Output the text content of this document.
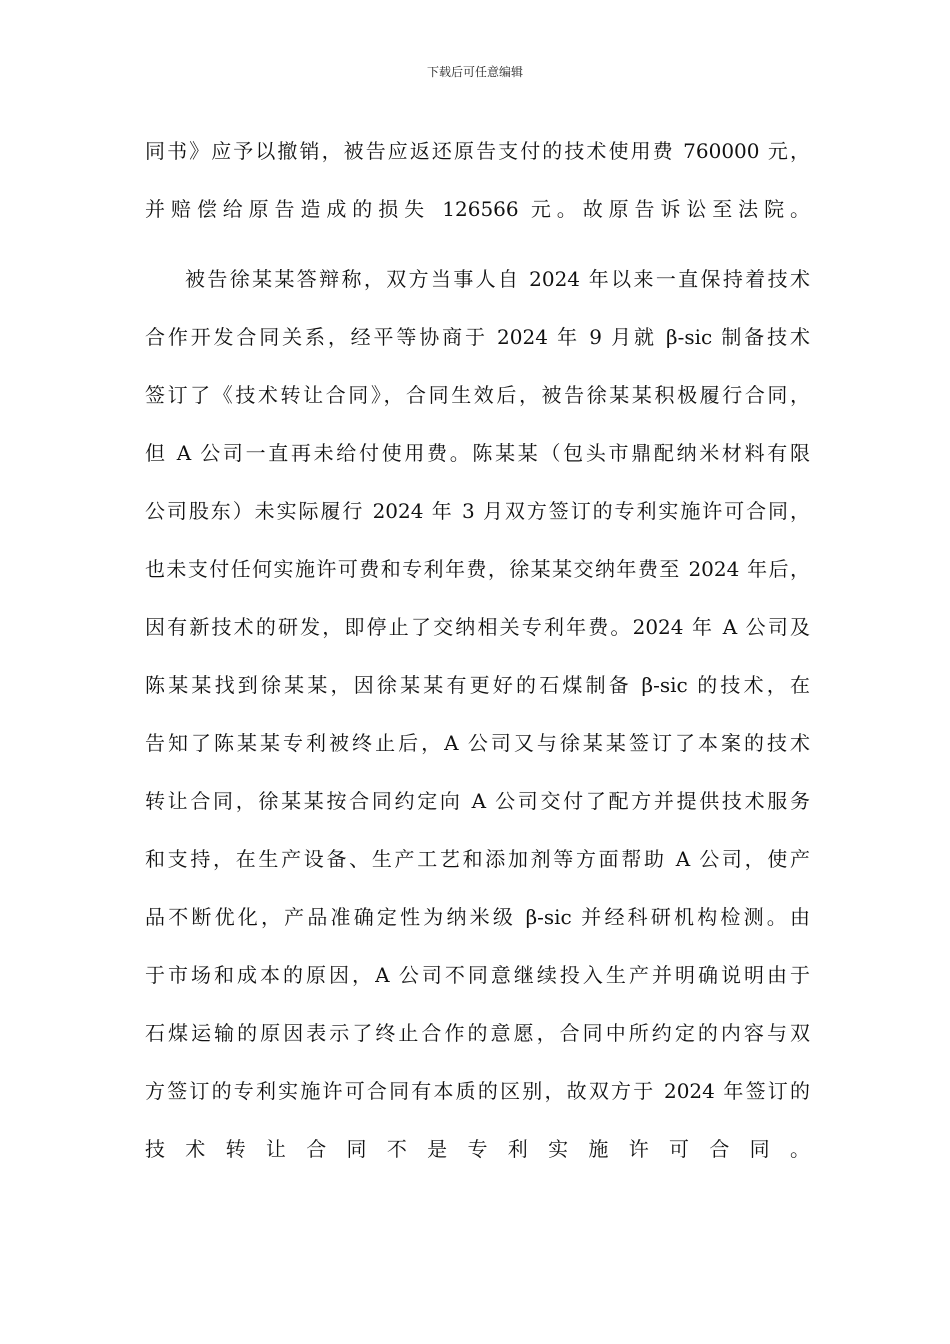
下载后可任意编辑
同书》应予以撤销，被告应返还原告支付的技术使用费 760000 元，
并赔偿给原告造成的损失 126566 元。故原告诉讼至法院。
被告徐某某答辩称，双方当事人自 2024 年以来一直保持着技术
合作开发合同关系，经平等协商于 2024 年 9 月就 β-sic 制备技术
签订了《技术转让合同》，合同生效后，被告徐某某积极履行合同，
但 A 公司一直再未给付使用费。陈某某（包头市鼎配纳米材料有限
公司股东）未实际履行 2024 年 3 月双方签订的专利实施许可合同，
也未支付任何实施许可费和专利年费，徐某某交纳年费至 2024 年后，
因有新技术的研发，即停止了交纳相关专利年费。2024 年 A 公司及
陈某某找到徐某某，因徐某某有更好的石煤制备 β-sic 的技术，在
告知了陈某某专利被终止后，A 公司又与徐某某签订了本案的技术
转让合同，徐某某按合同约定向 A 公司交付了配方并提供技术服务
和支持，在生产设备、生产工艺和添加剂等方面帮助 A 公司，使产
品不断优化，产品准确定性为纳米级 β-sic 并经科研机构检测。由
于市场和成本的原因，A 公司不同意继续投入生产并明确说明由于
石煤运输的原因表示了终止合作的意愿，合同中所约定的内容与双
方签订的专利实施许可合同有本质的区别，故双方于 2024 年签订的
技术转让合同不是专利实施许可合同。
